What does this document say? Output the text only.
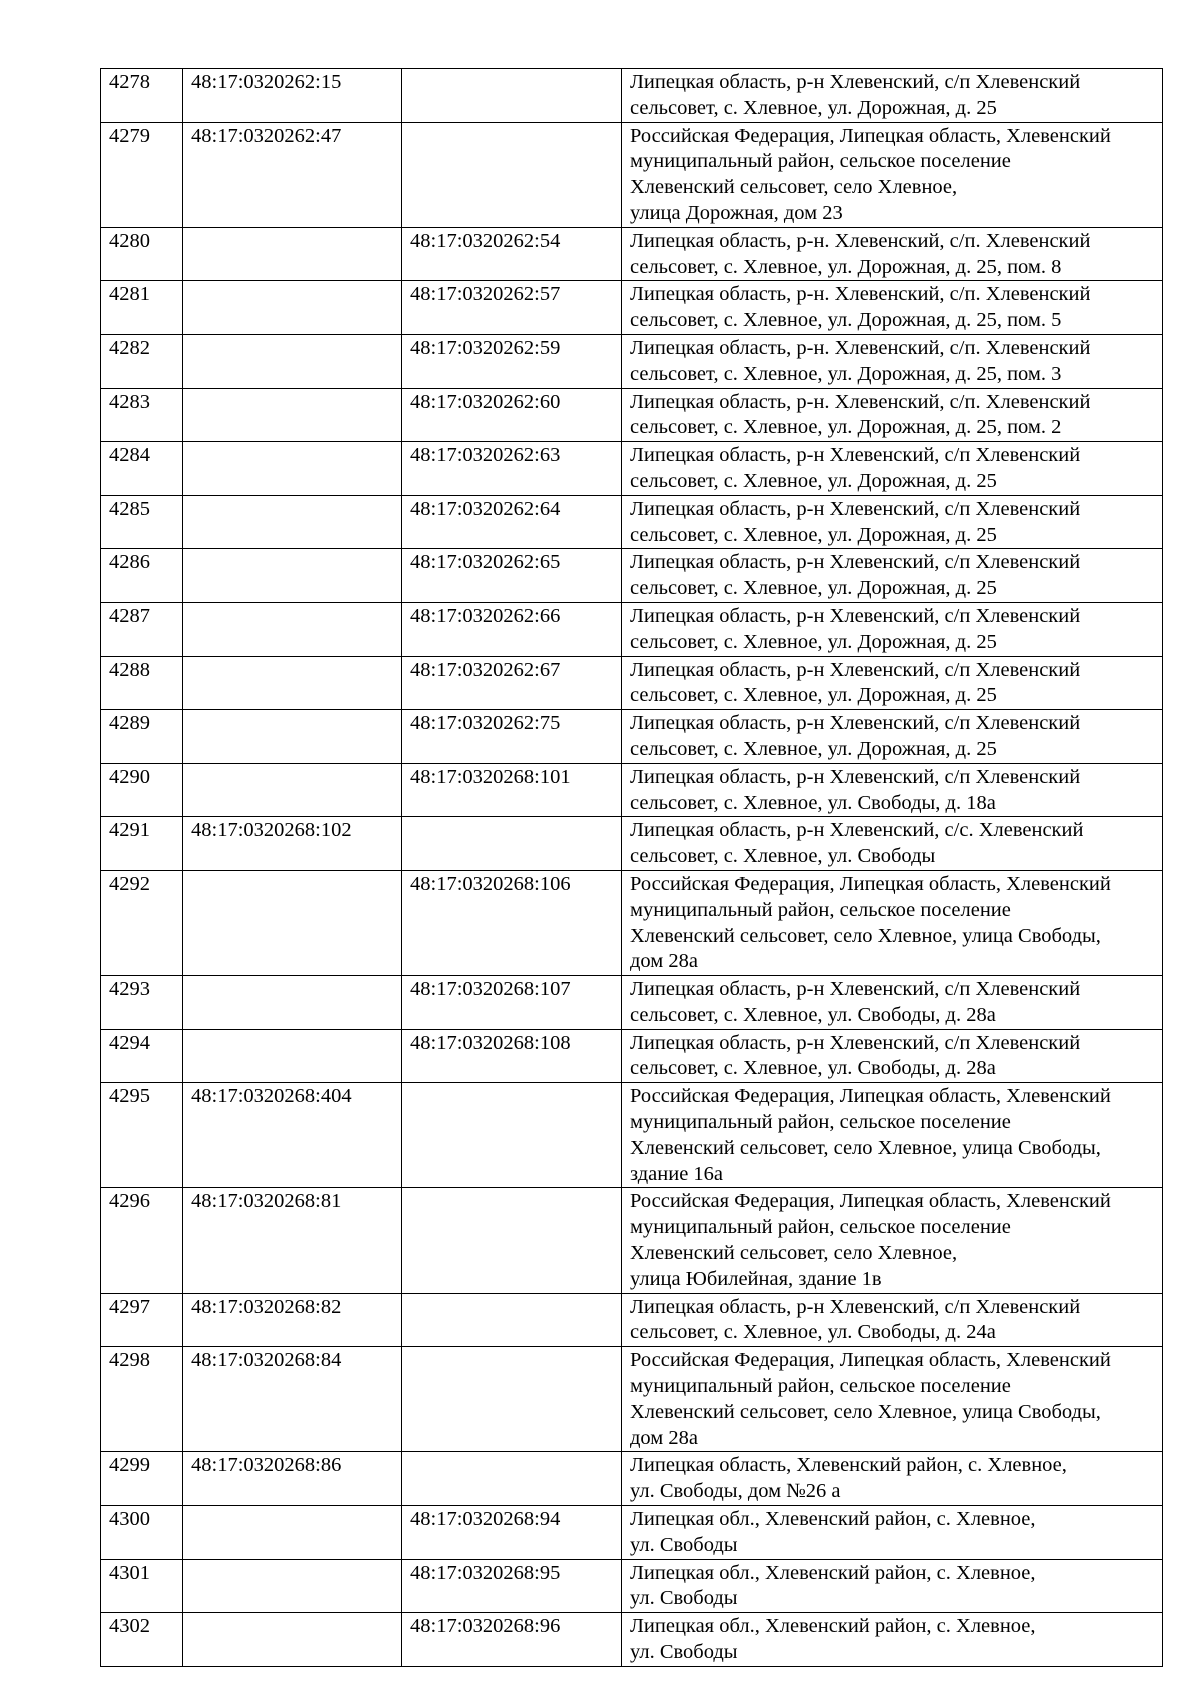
4278	48:17:0320262:15		Липецкая область, р-н Хлевенский, с/п Хлевенский
сельсовет, с. Хлевное, ул. Дорожная, д. 25

4279	48:17:0320262:47		Российская Федерация, Липецкая область, Хлевенский
муниципальный район, сельское поселение
Хлевенский сельсовет, село Хлевное,
улица Дорожная, дом 23

4280		48:17:0320262:54	Липецкая область, р-н. Хлевенский, с/п. Хлевенский
сельсовет, с. Хлевное, ул. Дорожная, д. 25, пом. 8

4281		48:17:0320262:57	Липецкая область, р-н. Хлевенский, с/п. Хлевенский
сельсовет, с. Хлевное, ул. Дорожная, д. 25, пом. 5

4282		48:17:0320262:59	Липецкая область, р-н. Хлевенский, с/п. Хлевенский
сельсовет, с. Хлевное, ул. Дорожная, д. 25, пом. 3

4283		48:17:0320262:60	Липецкая область, р-н. Хлевенский, с/п. Хлевенский
сельсовет, с. Хлевное, ул. Дорожная, д. 25, пом. 2

4284		48:17:0320262:63	Липецкая область, р-н Хлевенский, с/п Хлевенский
сельсовет, с. Хлевное, ул. Дорожная, д. 25

4285		48:17:0320262:64	Липецкая область, р-н Хлевенский, с/п Хлевенский
сельсовет, с. Хлевное, ул. Дорожная, д. 25

4286		48:17:0320262:65	Липецкая область, р-н Хлевенский, с/п Хлевенский
сельсовет, с. Хлевное, ул. Дорожная, д. 25

4287		48:17:0320262:66	Липецкая область, р-н Хлевенский, с/п Хлевенский
сельсовет, с. Хлевное, ул. Дорожная, д. 25

4288		48:17:0320262:67	Липецкая область, р-н Хлевенский, с/п Хлевенский
сельсовет, с. Хлевное, ул. Дорожная, д. 25

4289		48:17:0320262:75	Липецкая область, р-н Хлевенский, с/п Хлевенский
сельсовет, с. Хлевное, ул. Дорожная, д. 25

4290		48:17:0320268:101	Липецкая область, р-н Хлевенский, с/п Хлевенский
сельсовет, с. Хлевное, ул. Свободы, д. 18а

4291	48:17:0320268:102		Липецкая область, р-н Хлевенский, с/с. Хлевенский
сельсовет, с. Хлевное, ул. Свободы

4292		48:17:0320268:106	Российская Федерация, Липецкая область, Хлевенский
муниципальный район, сельское поселение
Хлевенский сельсовет, село Хлевное, улица Свободы,
дом 28а

4293		48:17:0320268:107	Липецкая область, р-н Хлевенский, с/п Хлевенский
сельсовет, с. Хлевное, ул. Свободы, д. 28а

4294		48:17:0320268:108	Липецкая область, р-н Хлевенский, с/п Хлевенский
сельсовет, с. Хлевное, ул. Свободы, д. 28а

4295	48:17:0320268:404		Российская Федерация, Липецкая область, Хлевенский
муниципальный район, сельское поселение
Хлевенский сельсовет, село Хлевное, улица Свободы,
здание 16а

4296	48:17:0320268:81		Российская Федерация, Липецкая область, Хлевенский
муниципальный район, сельское поселение
Хлевенский сельсовет, село Хлевное,
улица Юбилейная, здание 1в

4297	48:17:0320268:82		Липецкая область, р-н Хлевенский, с/п Хлевенский
сельсовет, с. Хлевное, ул. Свободы, д. 24а

4298	48:17:0320268:84		Российская Федерация, Липецкая область, Хлевенский
муниципальный район, сельское поселение
Хлевенский сельсовет, село Хлевное, улица Свободы,
дом 28а

4299	48:17:0320268:86		Липецкая область, Хлевенский район, с. Хлевное,
ул. Свободы, дом №26 а

4300		48:17:0320268:94	Липецкая обл., Хлевенский район, с. Хлевное,
ул. Свободы

4301		48:17:0320268:95	Липецкая обл., Хлевенский район, с. Хлевное,
ул. Свободы

4302		48:17:0320268:96	Липецкая обл., Хлевенский район, с. Хлевное,
ул. Свободы
